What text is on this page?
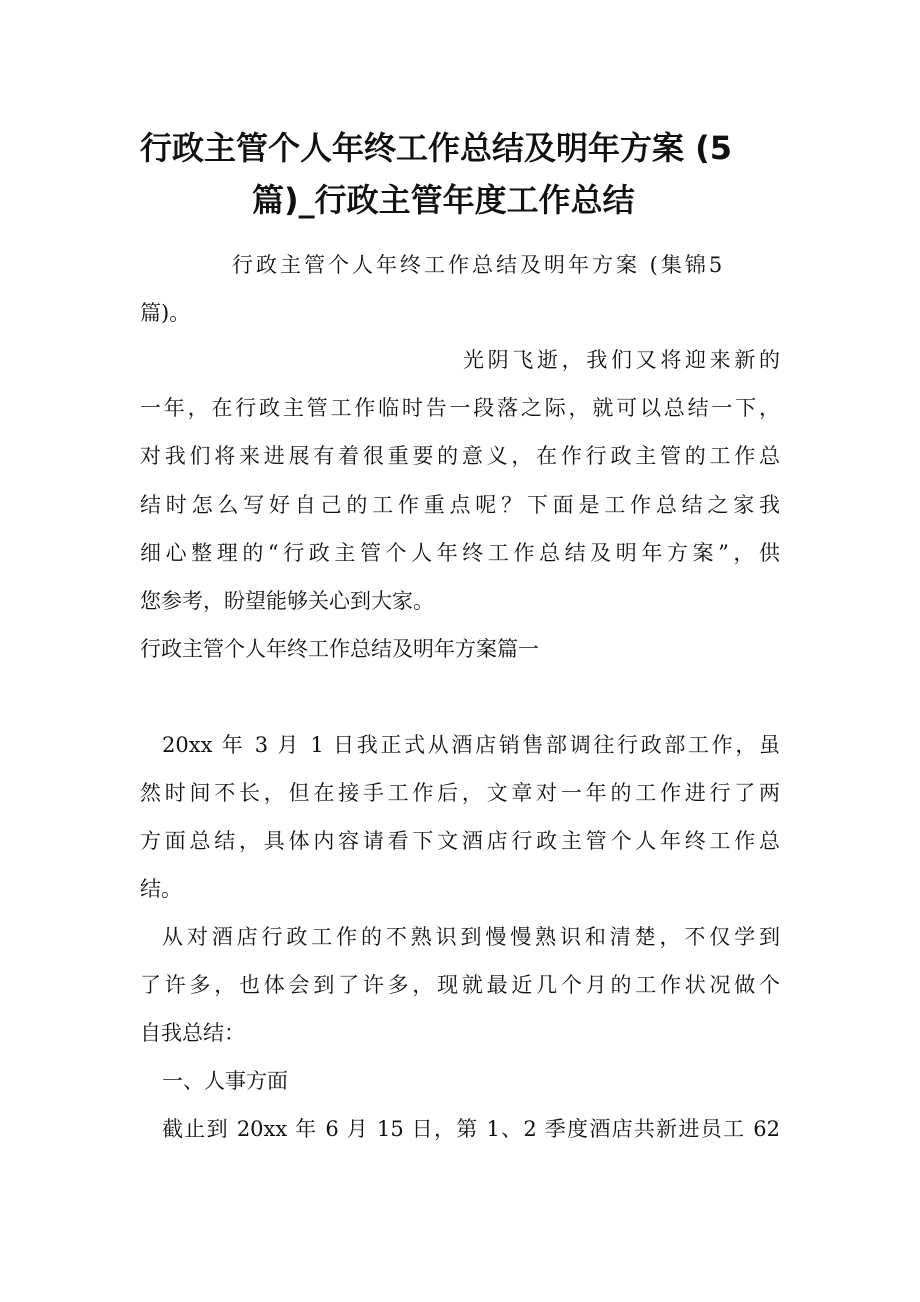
行政主管个人年终工作总结及明年方案 (5
篇)_行政主管年度工作总结
行政主管个人年终工作总结及明年方案 (集锦5
篇)。
光阴飞逝，我们又将迎来新的
一年，在行政主管工作临时告一段落之际，就可以总结一下，
对我们将来进展有着很重要的意义，在作行政主管的工作总
结时怎么写好自己的工作重点呢？下面是工作总结之家我
细心整理的“行政主管个人年终工作总结及明年方案”，供
您参考，盼望能够关心到大家。
行政主管个人年终工作总结及明年方案篇一
20xx 年 3 月 1 日我正式从酒店销售部调往行政部工作，虽
然时间不长，但在接手工作后，文章对一年的工作进行了两
方面总结，具体内容请看下文酒店行政主管个人年终工作总
结。
从对酒店行政工作的不熟识到慢慢熟识和清楚，不仅学到
了许多，也体会到了许多，现就最近几个月的工作状况做个
自我总结：
一、人事方面
截止到 20xx 年 6 月 15 日，第 1、2 季度酒店共新进员工 62
